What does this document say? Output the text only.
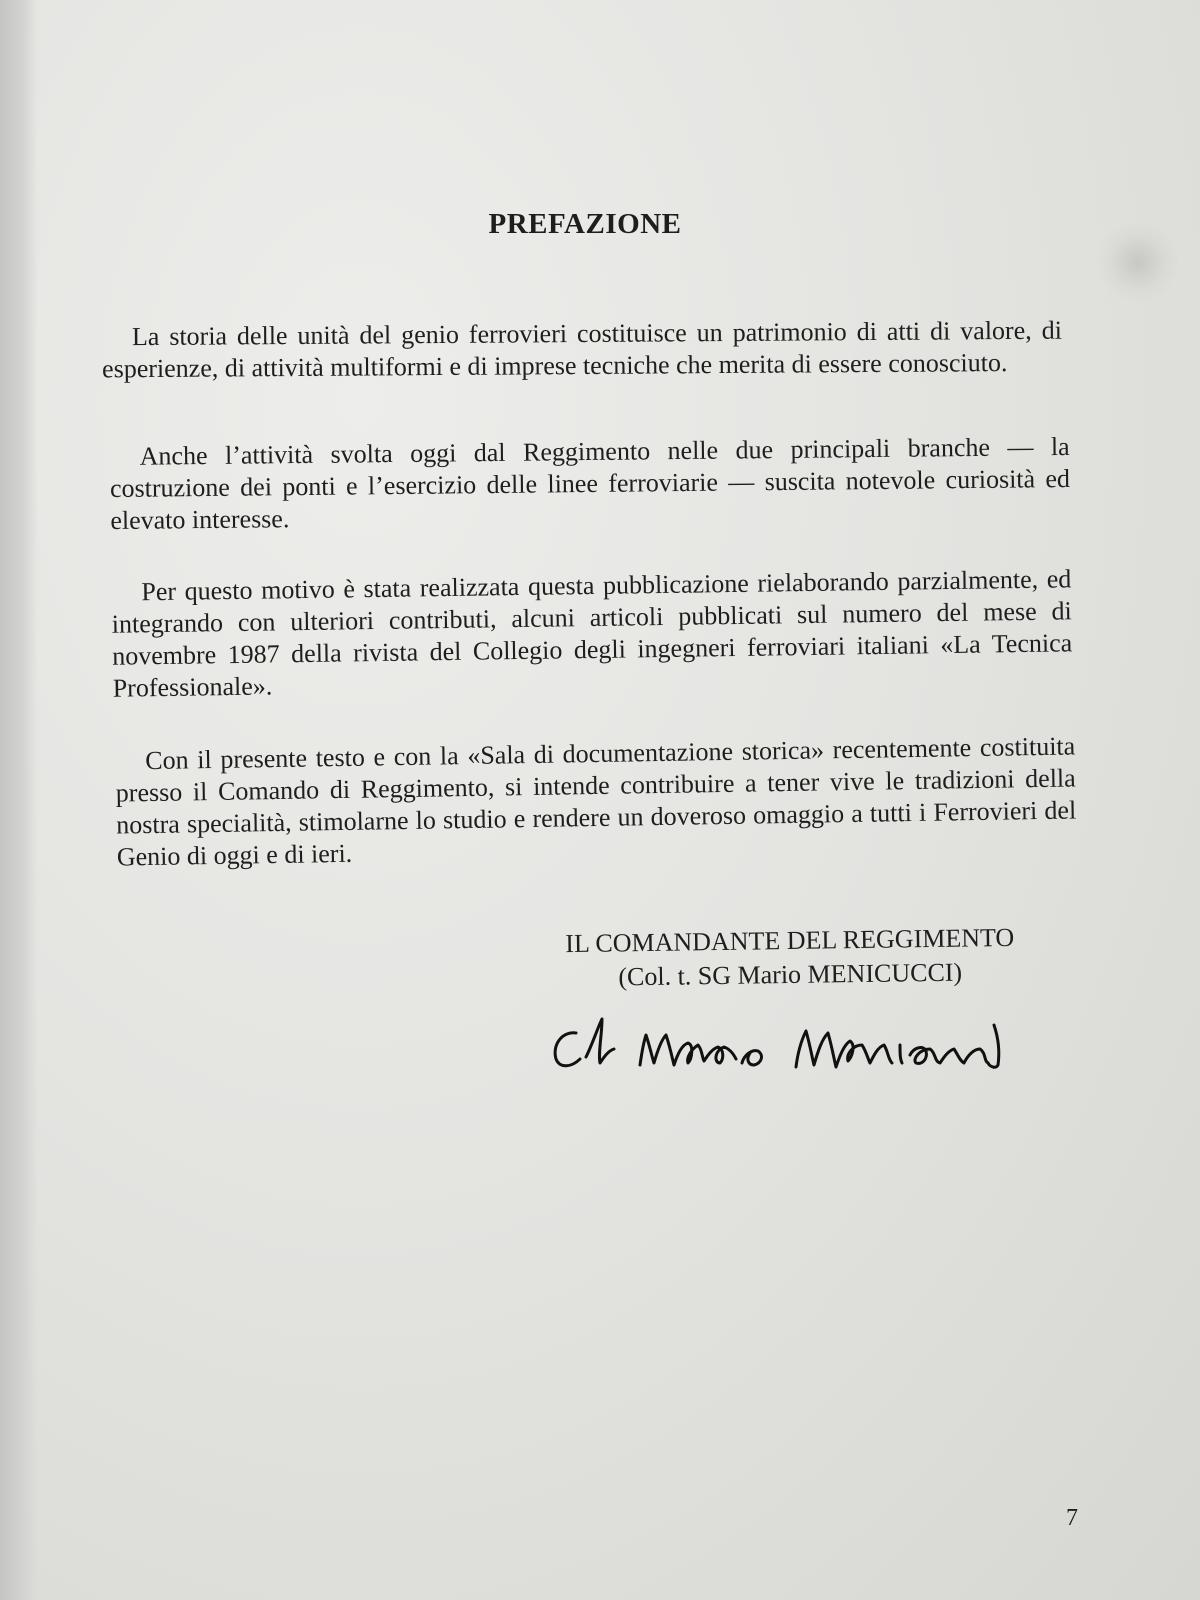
PREFAZIONE

La storia delle unità del genio ferrovieri costituisce un patrimonio di atti di valore, di esperienze, di attività multiformi e di imprese tecniche che merita di essere conosciuto.

Anche l’attività svolta oggi dal Reggimento nelle due principali branche — la costruzione dei ponti e l’esercizio delle linee ferroviarie — suscita notevole curiosità ed elevato interesse.

Per questo motivo è stata realizzata questa pubblicazione rielaborando parzialmente, ed integrando con ulteriori contributi, alcuni articoli pubblicati sul numero del mese di novembre 1987 della rivista del Collegio degli ingegneri ferroviari italiani «La Tecnica Professionale».

Con il presente testo e con la «Sala di documentazione storica» recentemente costituita presso il Comando di Reggimento, si intende contribuire a tener vive le tradizioni della nostra specialità, stimolarne lo studio e rendere un doveroso omaggio a tutti i Ferrovieri del Genio di oggi e di ieri.

IL COMANDANTE DEL REGGIMENTO
(Col. t. SG Mario MENICUCCI)
7
